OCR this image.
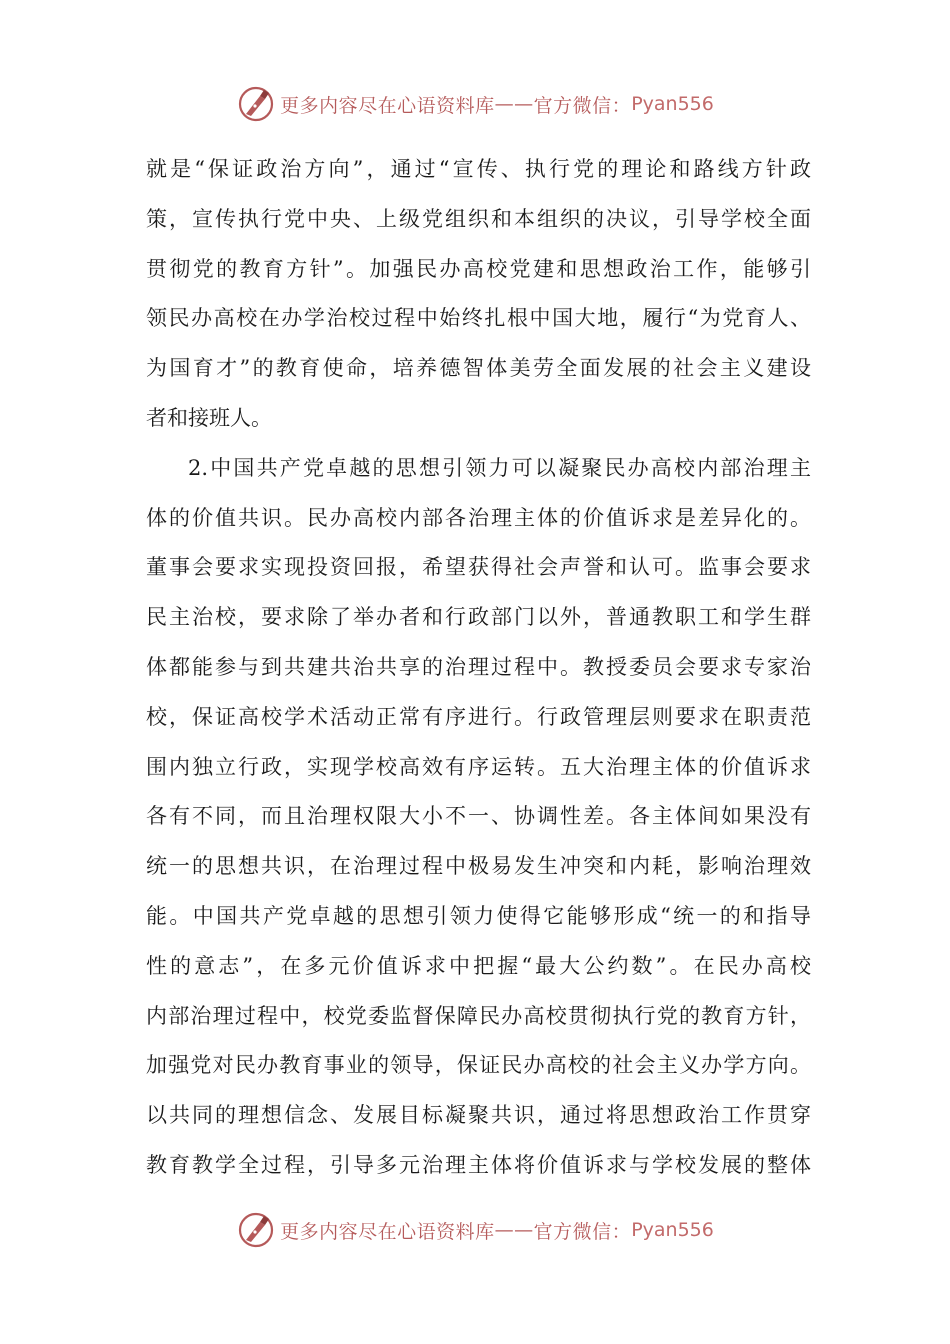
更多内容尽在心语资料库 —— 官方微信： Pyan556
就是“保证政治方向”，通过“宣传、执行党的理论和路线方针政
策，宣传执行党中央、上级党组织和本组织的决议，引导学校全面
贯彻党的教育方针”。加强民办高校党建和思想政治工作，能够引
领民办高校在办学治校过程中始终扎根中国大地，履行“为党育人、
为国育才”的教育使命，培养德智体美劳全面发展的社会主义建设
者和接班人。
2.中国共产党卓越的思想引领力可以凝聚民办高校内部治理主
体的价值共识。民办高校内部各治理主体的价值诉求是差异化的。
董事会要求实现投资回报，希望获得社会声誉和认可。监事会要求
民主治校，要求除了举办者和行政部门以外，普通教职工和学生群
体都能参与到共建共治共享的治理过程中。教授委员会要求专家治
校，保证高校学术活动正常有序进行。行政管理层则要求在职责范
围内独立行政，实现学校高效有序运转。五大治理主体的价值诉求
各有不同，而且治理权限大小不一、协调性差。各主体间如果没有
统一的思想共识，在治理过程中极易发生冲突和内耗，影响治理效
能。中国共产党卓越的思想引领力使得它能够形成“统一的和指导
性的意志”，在多元价值诉求中把握“最大公约数”。在民办高校
内部治理过程中，校党委监督保障民办高校贯彻执行党的教育方针，
加强党对民办教育事业的领导，保证民办高校的社会主义办学方向。
以共同的理想信念、发展目标凝聚共识，通过将思想政治工作贯穿
教育教学全过程，引导多元治理主体将价值诉求与学校发展的整体
更多内容尽在心语资料库 —— 官方微信： Pyan556
